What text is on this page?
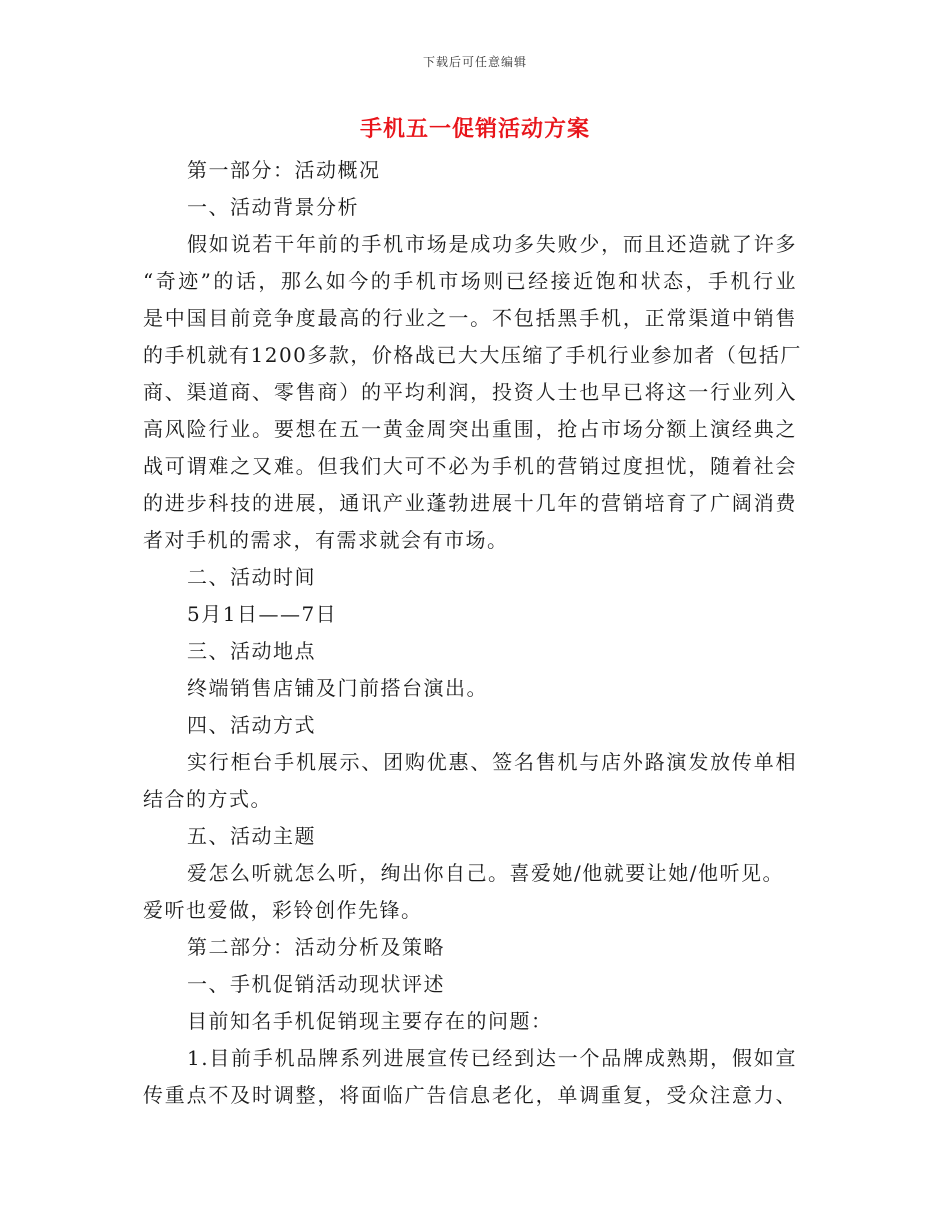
下载后可任意编辑
手机五一促销活动方案
第一部分：活动概况
一、活动背景分析
假如说若干年前的手机市场是成功多失败少，而且还造就了许多
“奇迹”的话，那么如今的手机市场则已经接近饱和状态，手机行业
是中国目前竞争度最高的行业之一。不包括黑手机，正常渠道中销售
的手机就有1200多款，价格战已大大压缩了手机行业参加者（包括厂
商、渠道商、零售商）的平均利润，投资人士也早已将这一行业列入
高风险行业。要想在五一黄金周突出重围，抢占市场分额上演经典之
战可谓难之又难。但我们大可不必为手机的营销过度担忧，随着社会
的进步科技的进展，通讯产业蓬勃进展十几年的营销培育了广阔消费
者对手机的需求，有需求就会有市场。
二、活动时间
5月1日——7日
三、活动地点
终端销售店铺及门前搭台演出。
四、活动方式
实行柜台手机展示、团购优惠、签名售机与店外路演发放传单相
结合的方式。
五、活动主题
爱怎么听就怎么听，绚出你自己。喜爱她/他就要让她/他听见。
爱听也爱做，彩铃创作先锋。
第二部分：活动分析及策略
一、手机促销活动现状评述
目前知名手机促销现主要存在的问题：
1.目前手机品牌系列进展宣传已经到达一个品牌成熟期，假如宣
传重点不及时调整，将面临广告信息老化，单调重复，受众注意力、
